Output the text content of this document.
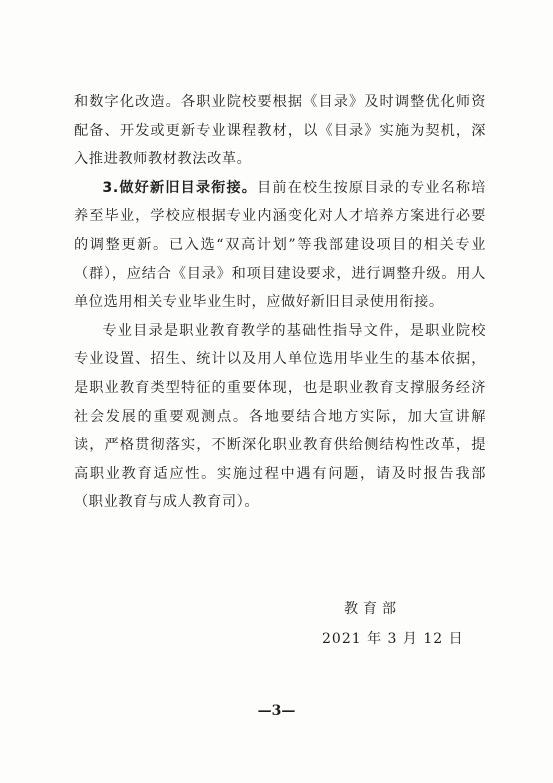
和数字化改造。各职业院校要根据《目录》及时调整优化师资配备、开发或更新专业课程教材，以《目录》实施为契机，深入推进教师教材教法改革。

3.做好新旧目录衔接。目前在校生按原目录的专业名称培养至毕业，学校应根据专业内涵变化对人才培养方案进行必要的调整更新。已入选“双高计划”等我部建设项目的相关专业（群），应结合《目录》和项目建设要求，进行调整升级。用人单位选用相关专业毕业生时，应做好新旧目录使用衔接。

专业目录是职业教育教学的基础性指导文件，是职业院校专业设置、招生、统计以及用人单位选用毕业生的基本依据，是职业教育类型特征的重要体现，也是职业教育支撑服务经济社会发展的重要观测点。各地要结合地方实际，加大宣讲解读，严格贯彻落实，不断深化职业教育供给侧结构性改革，提高职业教育适应性。实施过程中遇有问题，请及时报告我部（职业教育与成人教育司）。

教育部
2021 年 3 月 12 日
—3—
